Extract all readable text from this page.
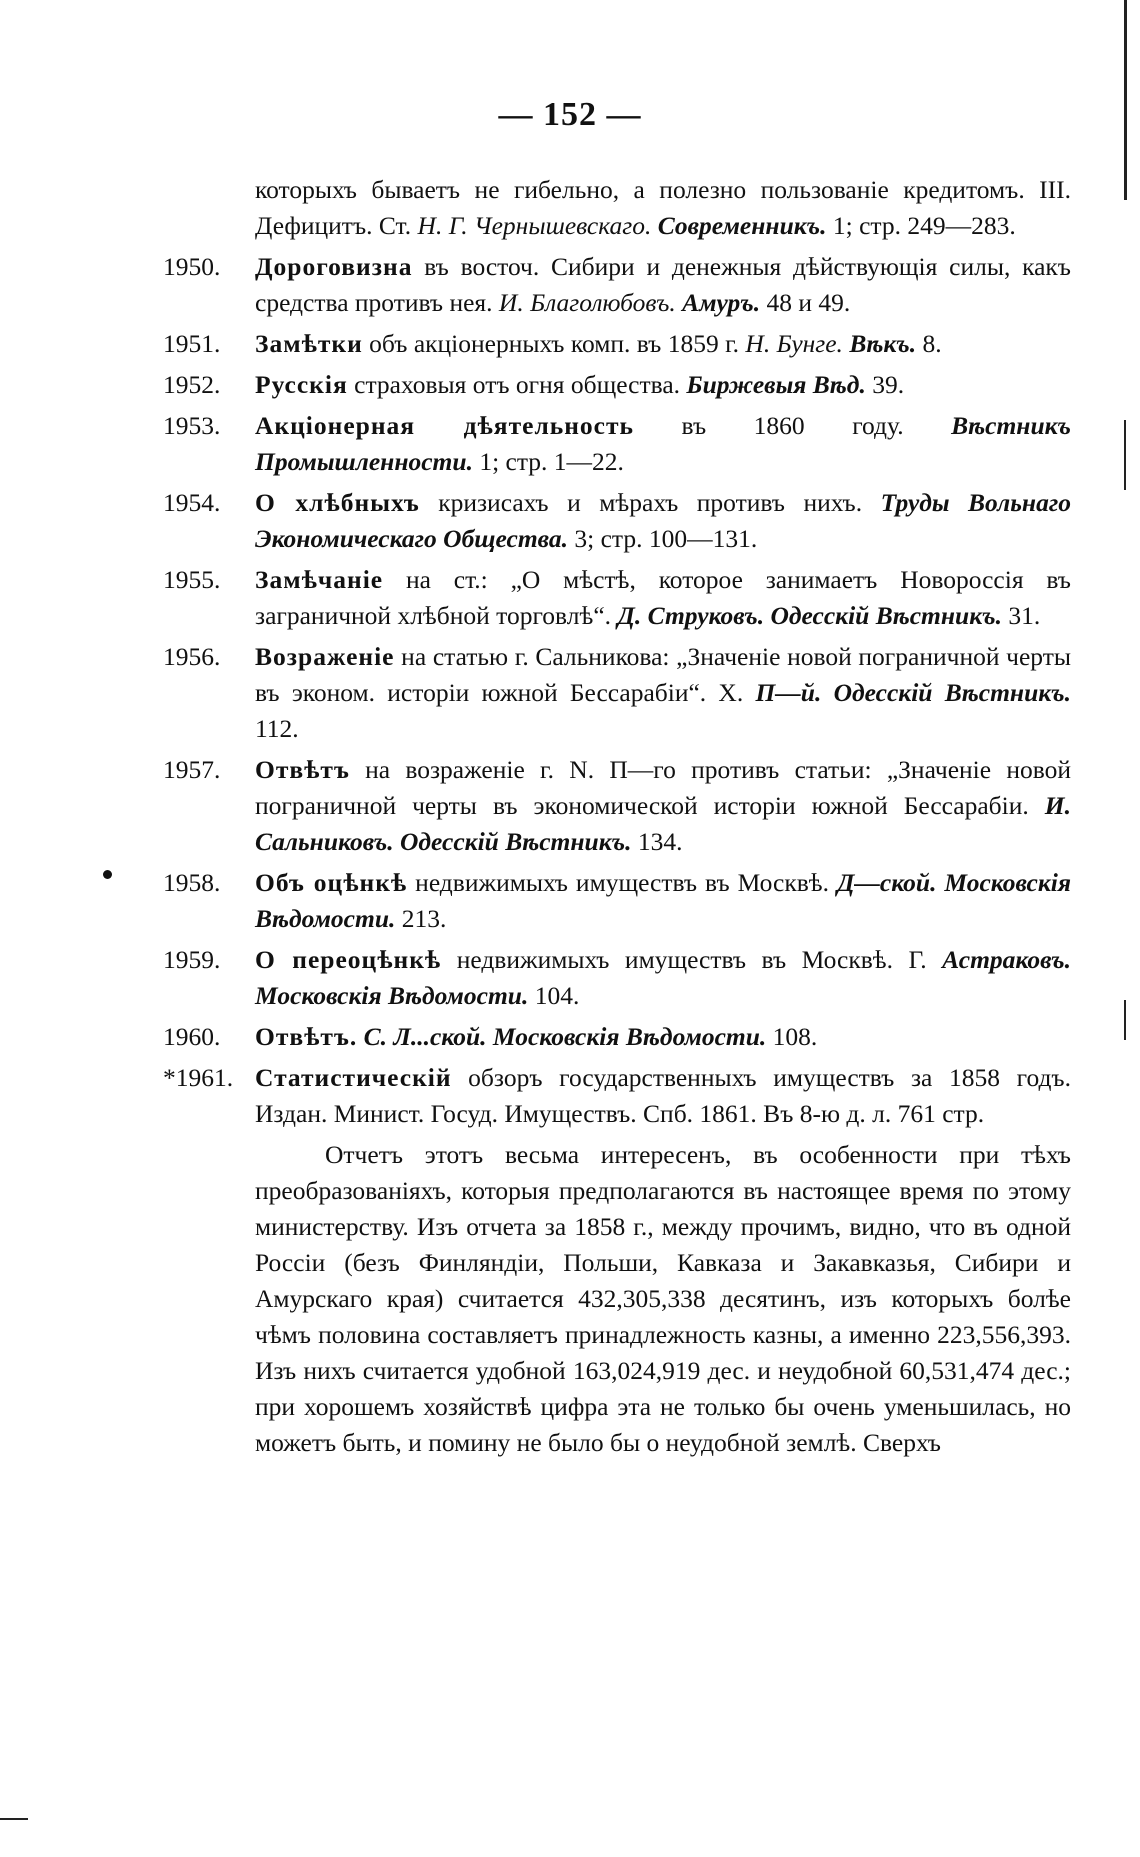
— 152 —

которыхъ бываетъ не гибельно, а полезно пользованіе кредитомъ. III. Дефицитъ. Ст. Н. Г. Чернышевскаго. Современникъ. 1; стр. 249—283.

1950.	Дороговизна въ восточ. Сибири и денежныя дѣйствующія силы, какъ средства противъ нея. И. Благолюбовъ. Амуръ. 48 и 49.

1951.	Замѣтки объ акціонерныхъ комп. въ 1859 г. Н. Бунге. Вѣкъ. 8.

1952.	Русскія страховыя отъ огня общества. Биржевыя Вѣд. 39.

1953.	Акціонерная дѣятельность въ 1860 году. Вѣстникъ Промышленности. 1; стр. 1—22.

1954.	О хлѣбныхъ кризисахъ и мѣрахъ противъ нихъ. Труды Вольнаго Экономическаго Общества. 3; стр. 100—131.

1955.	Замѣчаніе на ст.: „О мѣстѣ, которое занимаетъ Новороссія въ заграничной хлѣбной торговлѣ“. Д. Струковъ. Одесскій Вѣстникъ. 31.

1956.	Возраженіе на статью г. Сальникова: „Значеніе новой пограничной черты въ эконом. исторіи южной Бессарабіи“. Х. П—й. Одесскій Вѣстникъ. 112.

1957.	Отвѣтъ на возраженіе г. N. П—го противъ статьи: „Значеніе новой пограничной черты въ экономической исторіи южной Бессарабіи. И. Сальниковъ. Одесскій Вѣстникъ. 134.

1958.	Объ оцѣнкѣ недвижимыхъ имуществъ въ Москвѣ. Д—ской. Московскія Вѣдомости. 213.

1959.	О переоцѣнкѣ недвижимыхъ имуществъ въ Москвѣ. Г. Астраковъ. Московскія Вѣдомости. 104.

1960.	Отвѣтъ. С. Л...ской. Московскія Вѣдомости. 108.

*1961. Статистическій обзоръ государственныхъ имуществъ за 1858 годъ. Издан. Минист. Госуд. Имуществъ. Спб. 1861. Въ 8-ю д. л. 761 стр.

Отчетъ этотъ весьма интересенъ, въ особенности при тѣхъ преобразованіяхъ, которыя предполагаются въ настоящее время по этому министерству. Изъ отчета за 1858 г., между прочимъ, видно, что въ одной Россіи (безъ Финляндіи, Польши, Кавказа и Закавказья, Сибири и Амурскаго края) считается 432,305,338 десятинъ, изъ которыхъ болѣе чѣмъ половина составляетъ принадлежность казны, а именно 223,556,393. Изъ нихъ считается удобной 163,024,919 дес. и неудобной 60,531,474 дес.; при хорошемъ хозяйствѣ цифра эта не только бы очень уменьшилась, но можетъ быть, и помину не было бы о неудобной землѣ. Сверхъ
